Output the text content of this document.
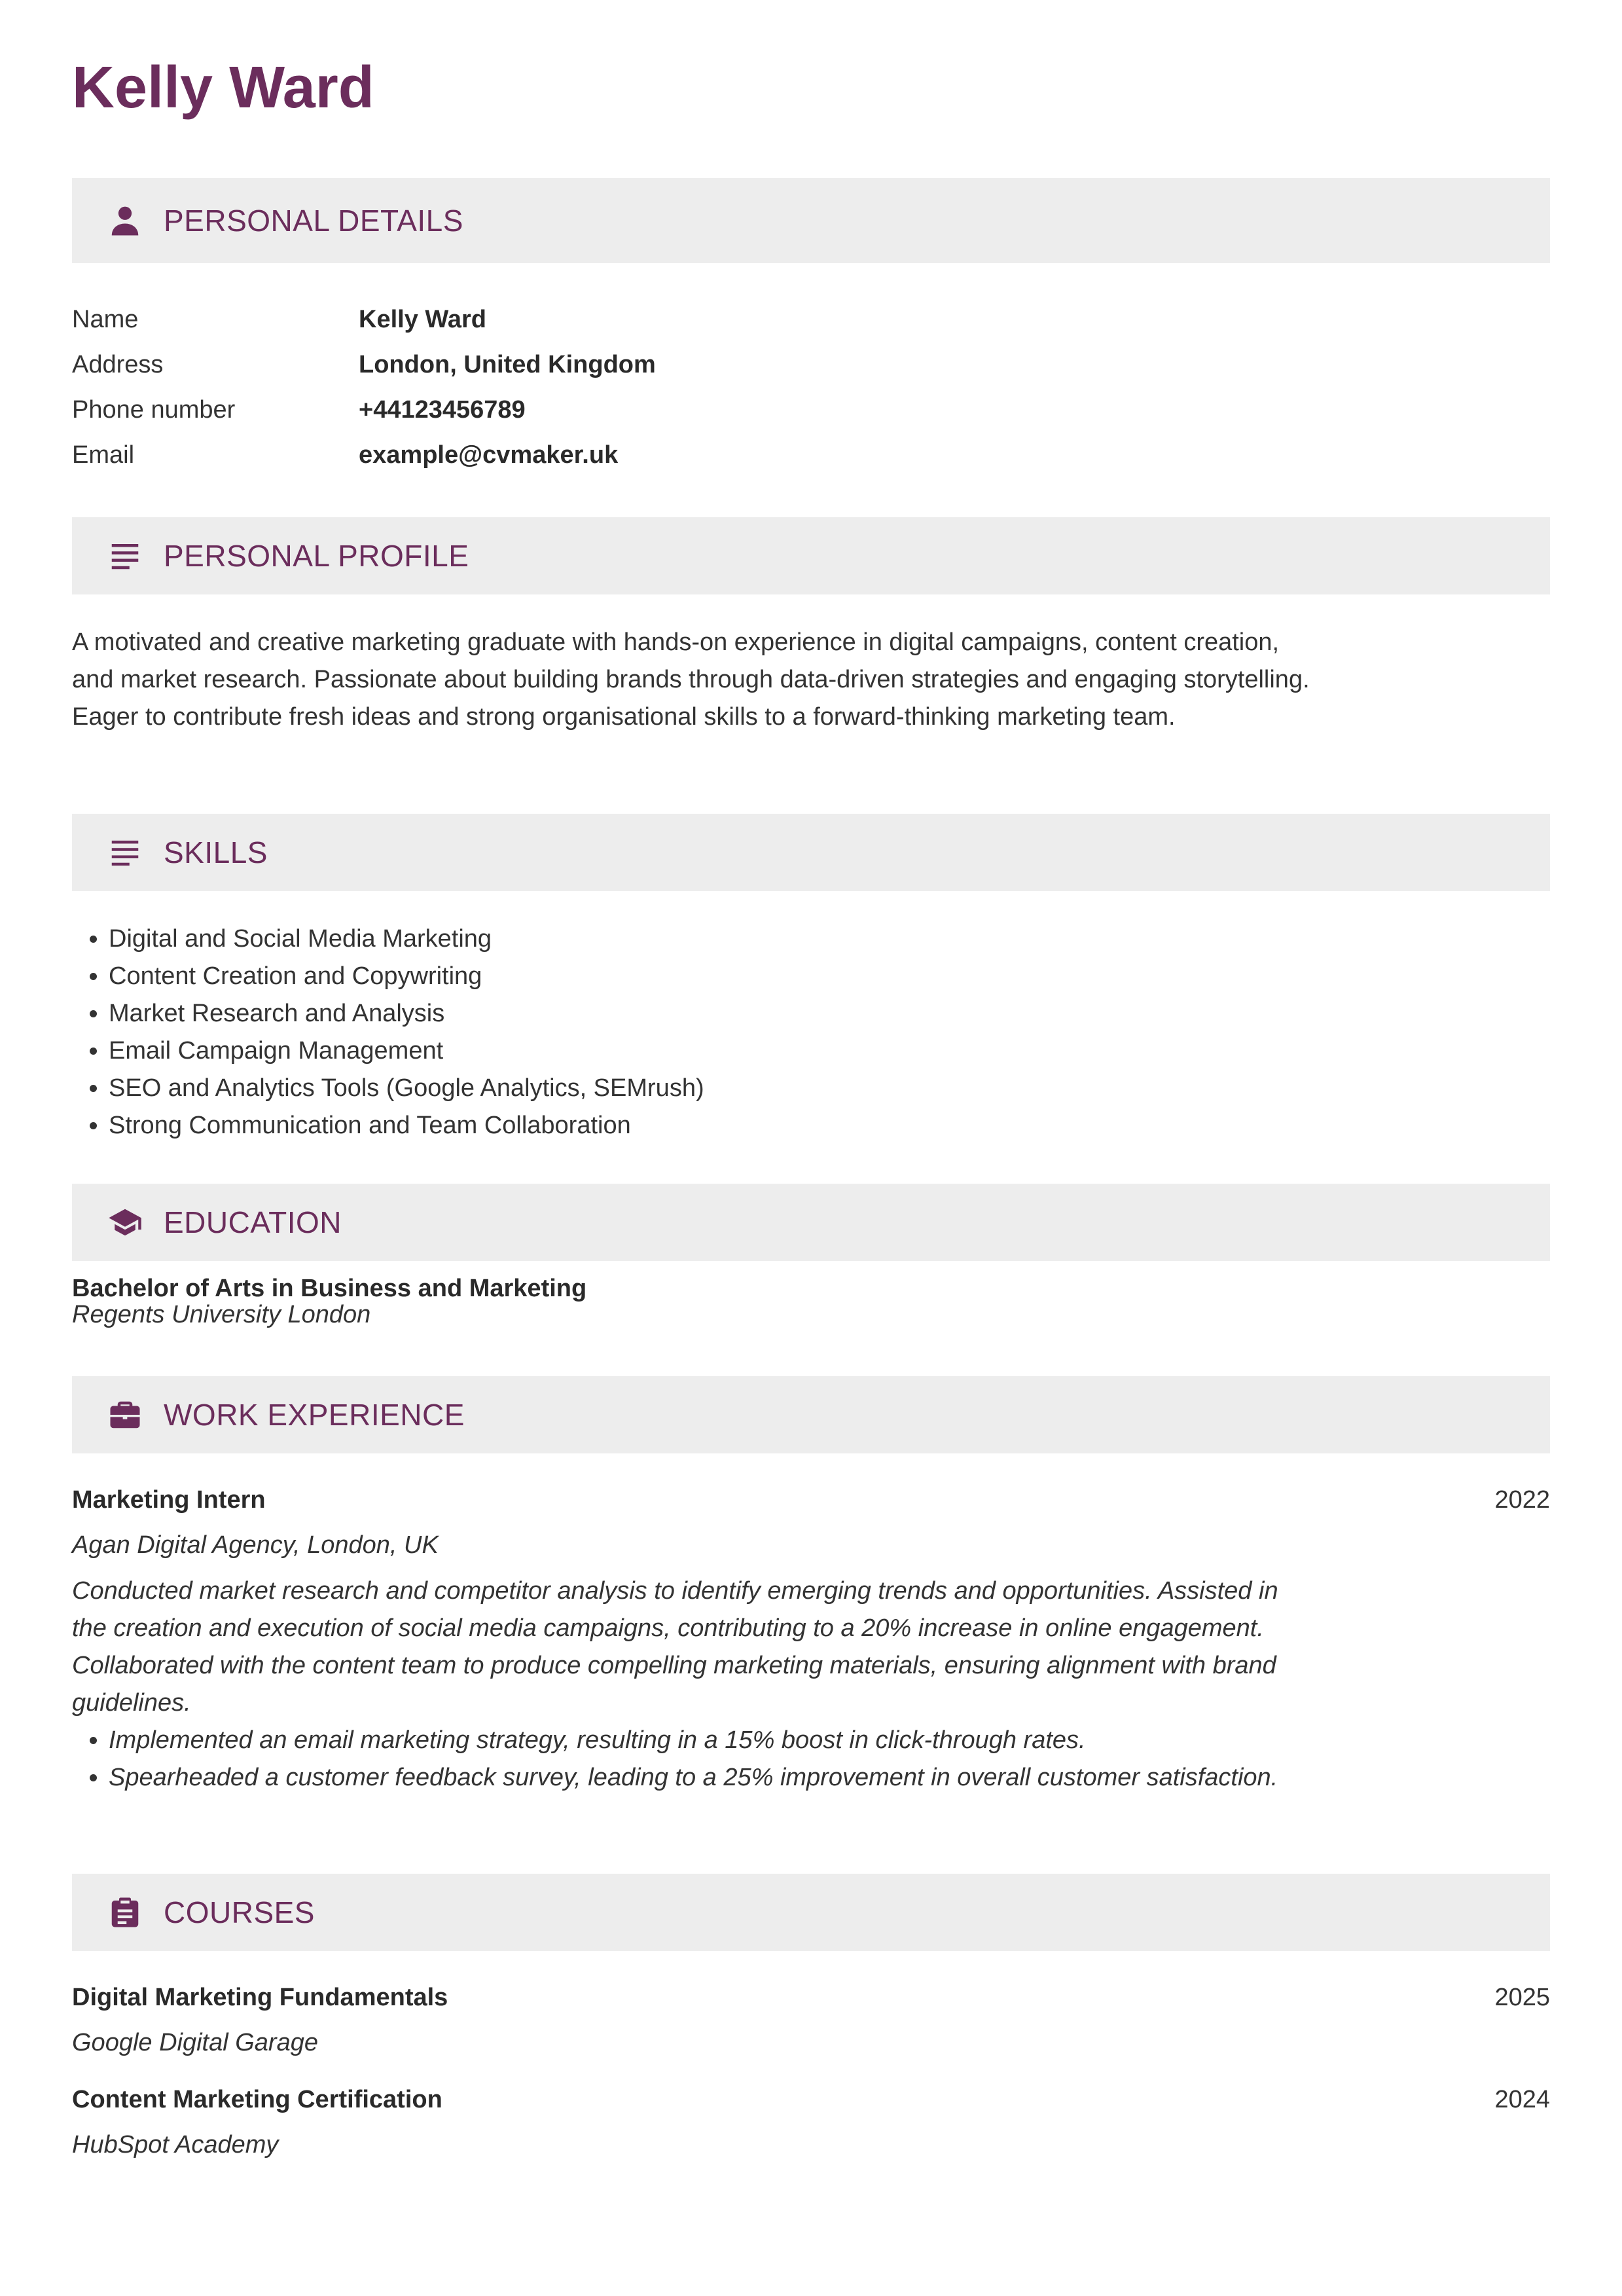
Kelly Ward
PERSONAL DETAILS
Name	Kelly Ward
Address	London, United Kingdom
Phone number	+44123456789
Email	example@cvmaker.uk
PERSONAL PROFILE

A motivated and creative marketing graduate with hands-on experience in digital campaigns, content creation, and market research. Passionate about building brands through data-driven strategies and engaging storytelling. Eager to contribute fresh ideas and strong organisational skills to a forward-thinking marketing team.

SKILLS
• Digital and Social Media Marketing
• Content Creation and Copywriting
• Market Research and Analysis
• Email Campaign Management
• SEO and Analytics Tools (Google Analytics, SEMrush)
• Strong Communication and Team Collaboration
EDUCATION
Bachelor of Arts in Business and Marketing
Regents University London
WORK EXPERIENCE
Marketing Intern	2022
Agan Digital Agency, London, UK
Conducted market research and competitor analysis to identify emerging trends and opportunities. Assisted in the creation and execution of social media campaigns, contributing to a 20% increase in online engagement. Collaborated with the content team to produce compelling marketing materials, ensuring alignment with brand guidelines.
• Implemented an email marketing strategy, resulting in a 15% boost in click-through rates.
• Spearheaded a customer feedback survey, leading to a 25% improvement in overall customer satisfaction.
COURSES
Digital Marketing Fundamentals	2025
Google Digital Garage
Content Marketing Certification	2024
HubSpot Academy
